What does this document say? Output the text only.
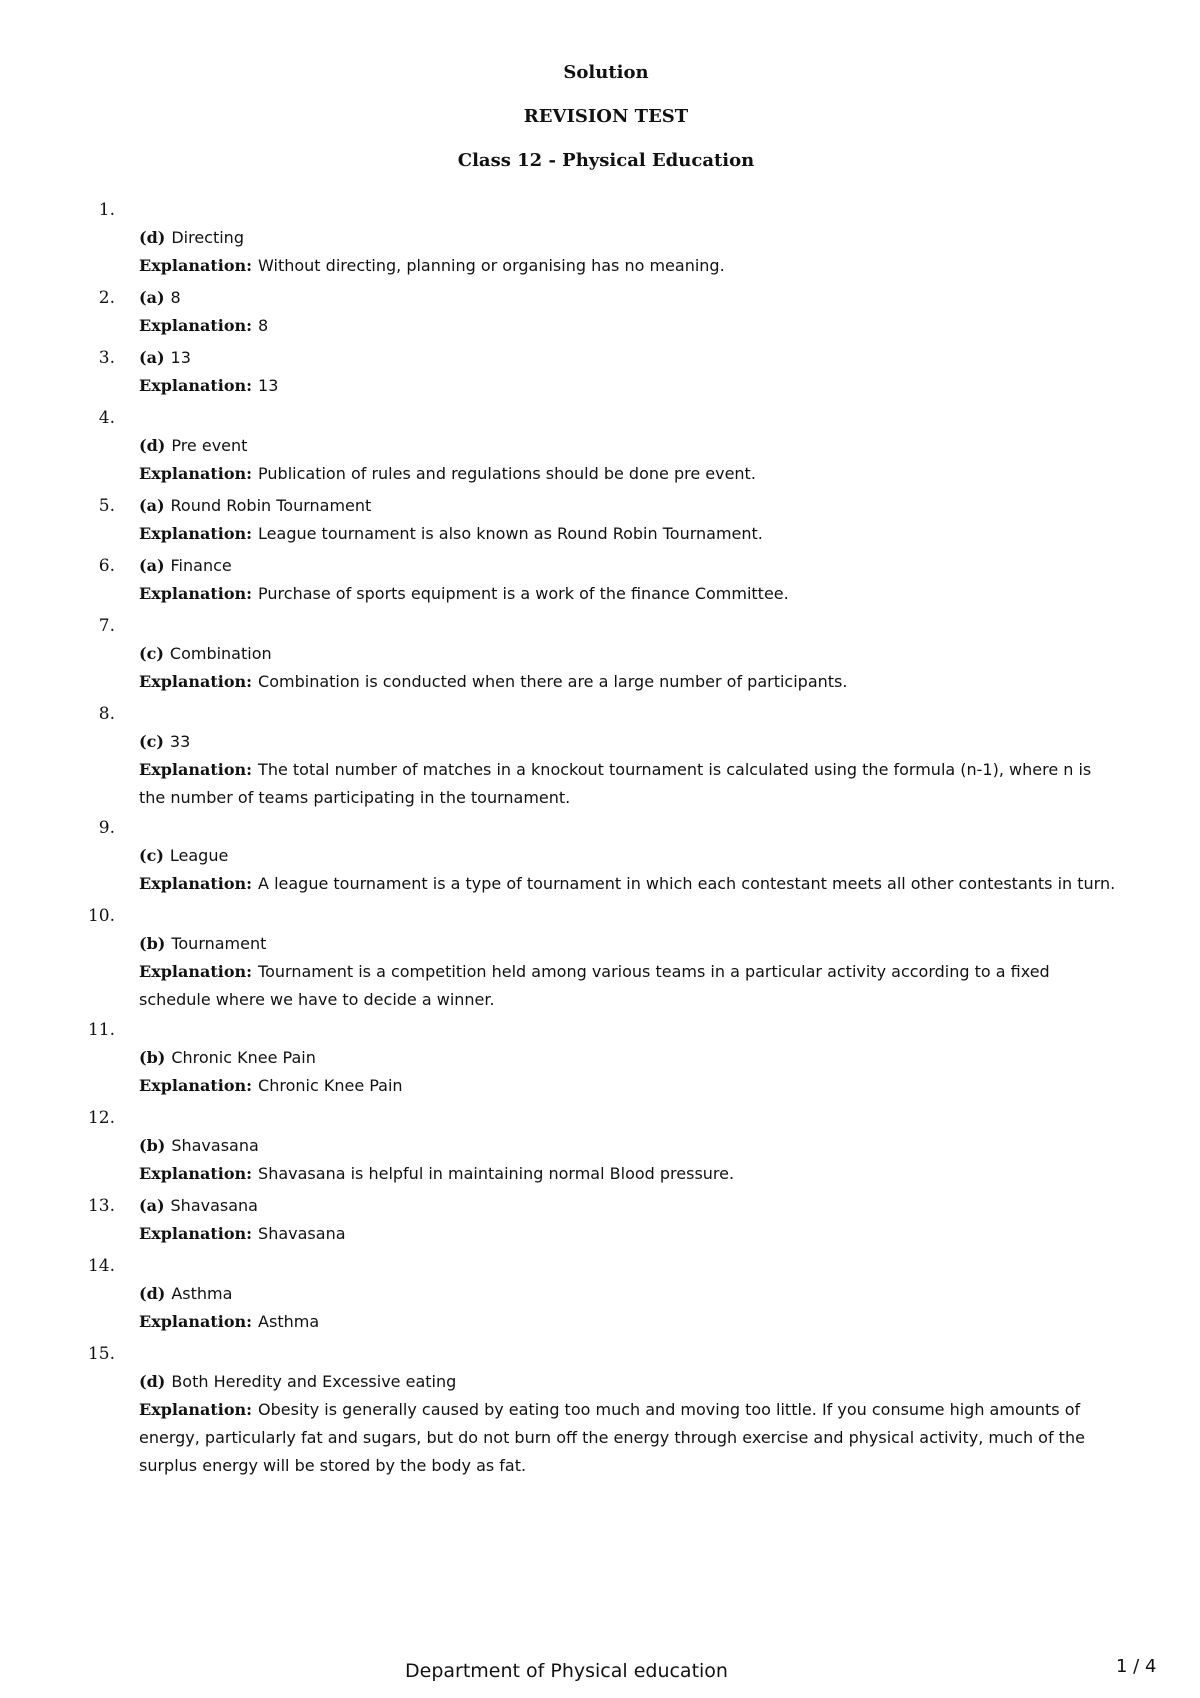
Solution
REVISION TEST
Class 12 - Physical Education
1.
(d) Directing
Explanation: Without directing, planning or organising has no meaning.
2. (a) 8
Explanation: 8
3. (a) 13
Explanation: 13
4.
(d) Pre event
Explanation: Publication of rules and regulations should be done pre event.
5. (a) Round Robin Tournament
Explanation: League tournament is also known as Round Robin Tournament.
6. (a) Finance
Explanation: Purchase of sports equipment is a work of the finance Committee.
7.
(c) Combination
Explanation: Combination is conducted when there are a large number of participants.
8.
(c) 33
Explanation: The total number of matches in a knockout tournament is calculated using the formula (n-1), where n is the number of teams participating in the tournament.
9.
(c) League
Explanation: A league tournament is a type of tournament in which each contestant meets all other contestants in turn.
10.
(b) Tournament
Explanation: Tournament is a competition held among various teams in a particular activity according to a fixed schedule where we have to decide a winner.
11.
(b) Chronic Knee Pain
Explanation: Chronic Knee Pain
12.
(b) Shavasana
Explanation: Shavasana is helpful in maintaining normal Blood pressure.
13. (a) Shavasana
Explanation: Shavasana
14.
(d) Asthma
Explanation: Asthma
15.
(d) Both Heredity and Excessive eating
Explanation: Obesity is generally caused by eating too much and moving too little. If you consume high amounts of energy, particularly fat and sugars, but do not burn off the energy through exercise and physical activity, much of the surplus energy will be stored by the body as fat.

Department of Physical education	1 / 4
